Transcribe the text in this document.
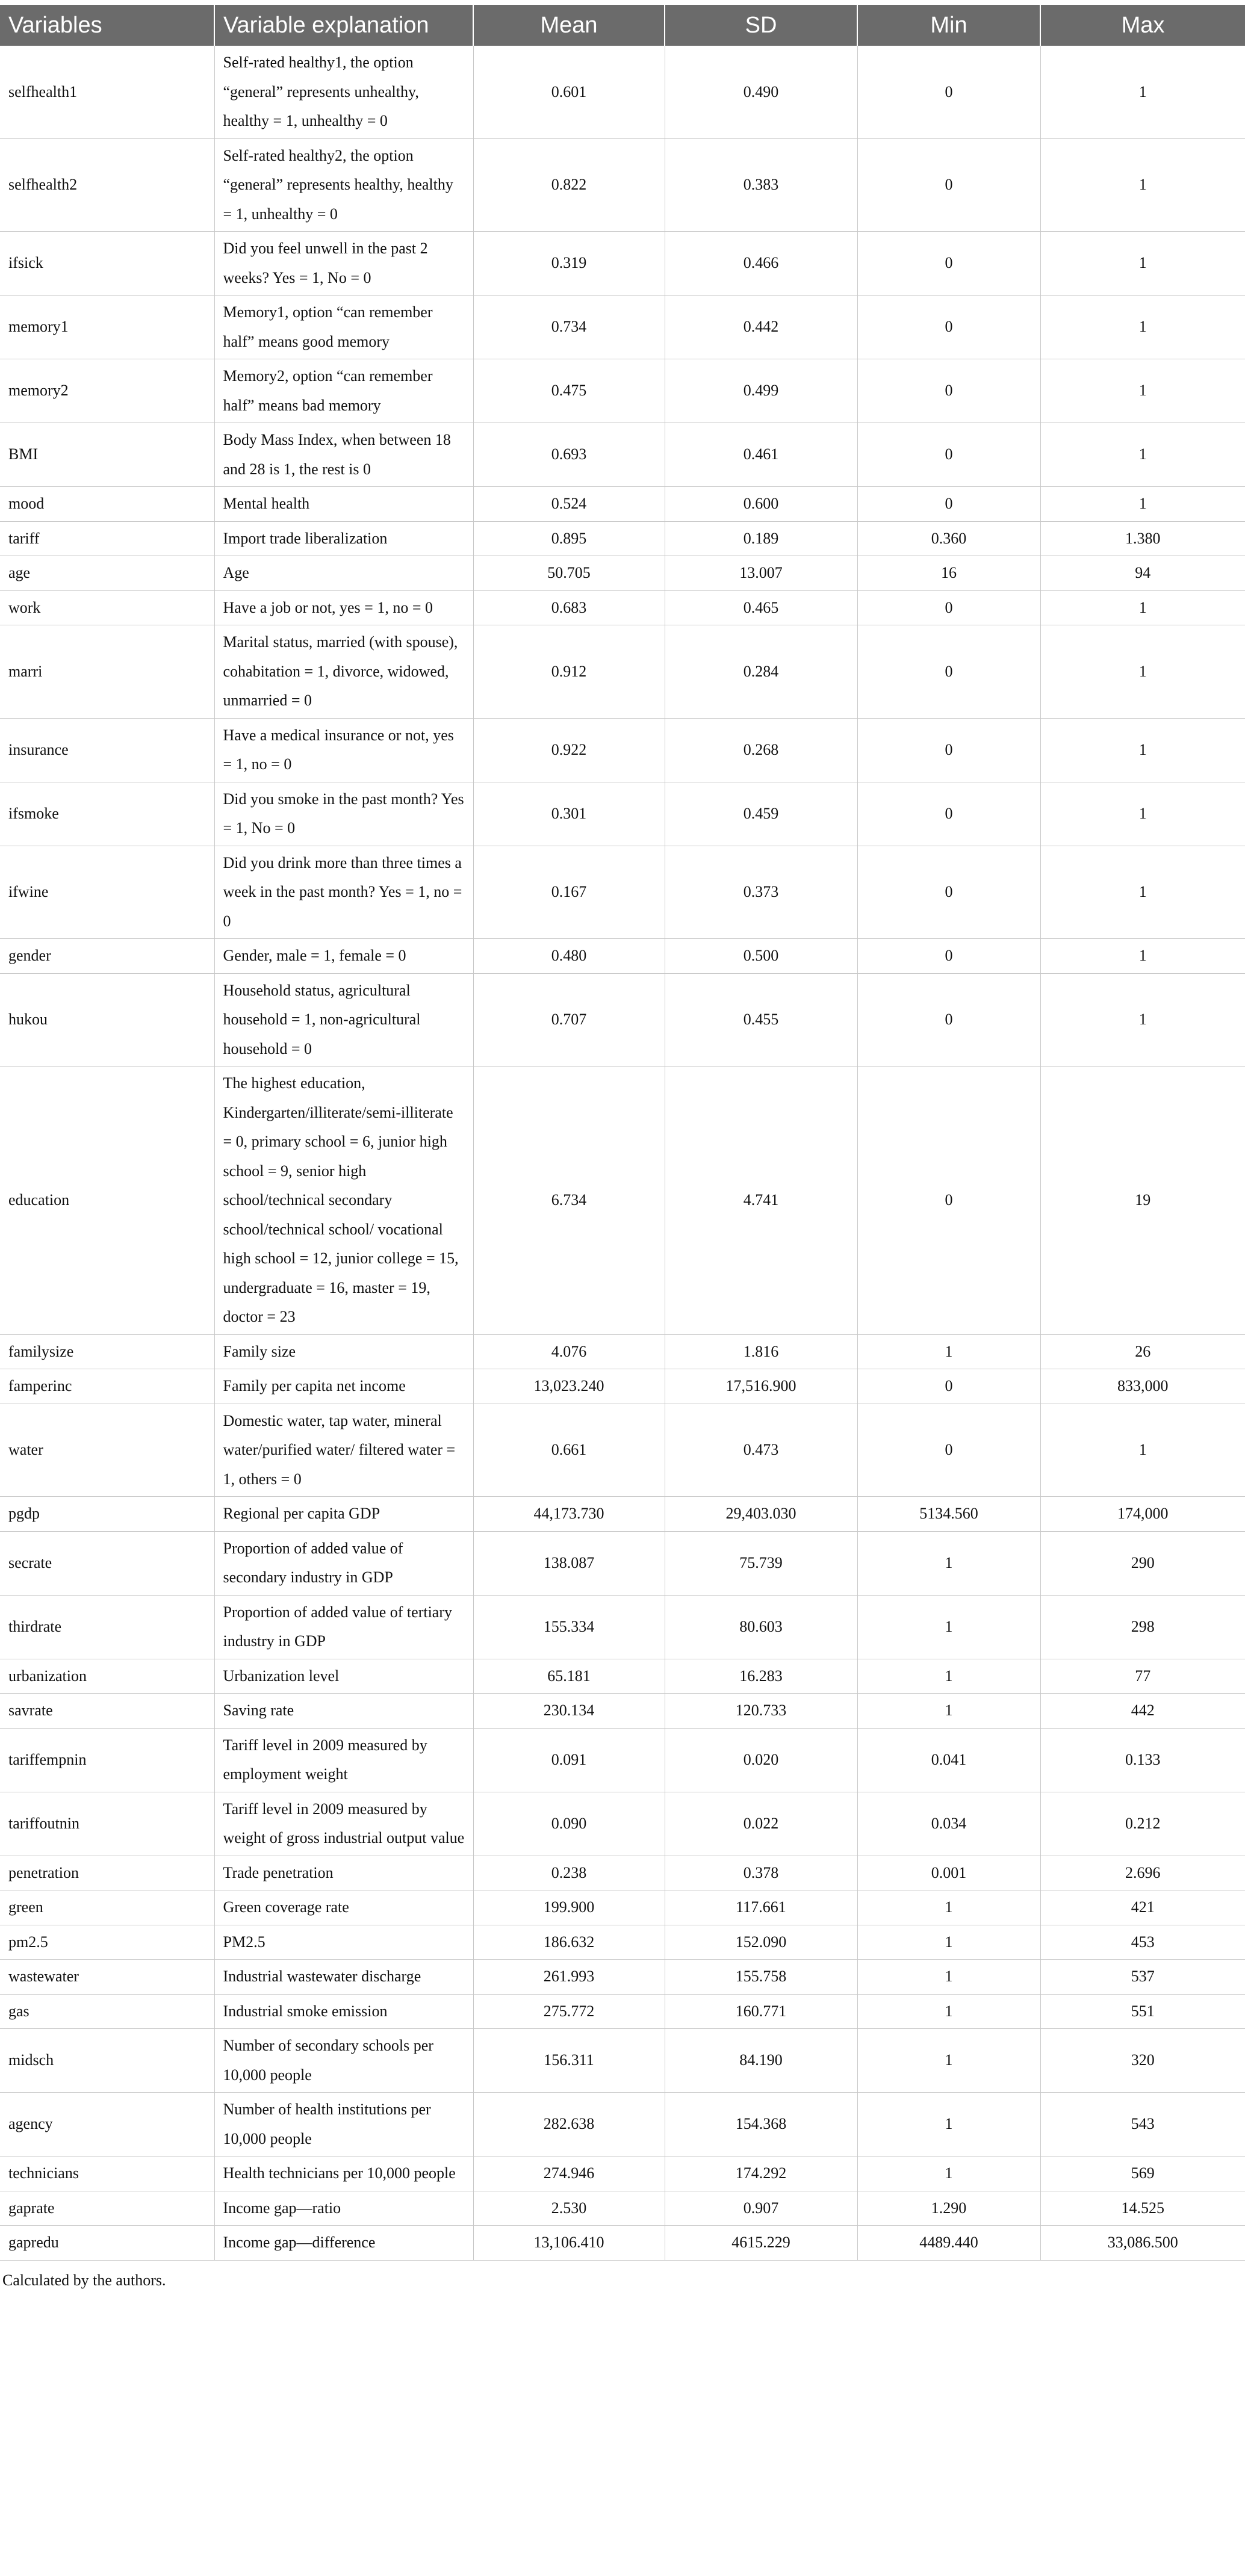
Variables	Variable explanation	Mean	SD	Min	Max
selfhealth1	Self-rated healthy1, the option “general” represents unhealthy, healthy = 1, unhealthy = 0	0.601	0.490	0	1
selfhealth2	Self-rated healthy2, the option “general” represents healthy, healthy = 1, unhealthy = 0	0.822	0.383	0	1
ifsick	Did you feel unwell in the past 2 weeks? Yes = 1, No = 0	0.319	0.466	0	1
memory1	Memory1, option “can remember half” means good memory	0.734	0.442	0	1
memory2	Memory2, option “can remember half” means bad memory	0.475	0.499	0	1
BMI	Body Mass Index, when between 18 and 28 is 1, the rest is 0	0.693	0.461	0	1
mood	Mental health	0.524	0.600	0	1
tariff	Import trade liberalization	0.895	0.189	0.360	1.380
age	Age	50.705	13.007	16	94
work	Have a job or not, yes = 1, no = 0	0.683	0.465	0	1
marri	Marital status, married (with spouse), cohabitation = 1, divorce, widowed, unmarried = 0	0.912	0.284	0	1
insurance	Have a medical insurance or not, yes = 1, no = 0	0.922	0.268	0	1
ifsmoke	Did you smoke in the past month? Yes = 1, No = 0	0.301	0.459	0	1
ifwine	Did you drink more than three times a week in the past month? Yes = 1, no = 0	0.167	0.373	0	1
gender	Gender, male = 1, female = 0	0.480	0.500	0	1
hukou	Household status, agricultural household = 1, non-agricultural household = 0	0.707	0.455	0	1
education	The highest education, Kindergarten/illiterate/semi-illiterate = 0, primary school = 6, junior high school = 9, senior high school/technical secondary school/technical school/ vocational high school = 12, junior college = 15, undergraduate = 16, master = 19, doctor = 23	6.734	4.741	0	19
familysize	Family size	4.076	1.816	1	26
famperinc	Family per capita net income	13,023.240	17,516.900	0	833,000
water	Domestic water, tap water, mineral water/purified water/ filtered water = 1, others = 0	0.661	0.473	0	1
pgdp	Regional per capita GDP	44,173.730	29,403.030	5134.560	174,000
secrate	Proportion of added value of secondary industry in GDP	138.087	75.739	1	290
thirdrate	Proportion of added value of tertiary industry in GDP	155.334	80.603	1	298
urbanization	Urbanization level	65.181	16.283	1	77
savrate	Saving rate	230.134	120.733	1	442
tariffempnin	Tariff level in 2009 measured by employment weight	0.091	0.020	0.041	0.133
tariffoutnin	Tariff level in 2009 measured by weight of gross industrial output value	0.090	0.022	0.034	0.212
penetration	Trade penetration	0.238	0.378	0.001	2.696
green	Green coverage rate	199.900	117.661	1	421
pm2.5	PM2.5	186.632	152.090	1	453
wastewater	Industrial wastewater discharge	261.993	155.758	1	537
gas	Industrial smoke emission	275.772	160.771	1	551
midsch	Number of secondary schools per 10,000 people	156.311	84.190	1	320
agency	Number of health institutions per 10,000 people	282.638	154.368	1	543
technicians	Health technicians per 10,000 people	274.946	174.292	1	569
gaprate	Income gap—ratio	2.530	0.907	1.290	14.525
gapredu	Income gap—difference	13,106.410	4615.229	4489.440	33,086.500
Calculated by the authors.
